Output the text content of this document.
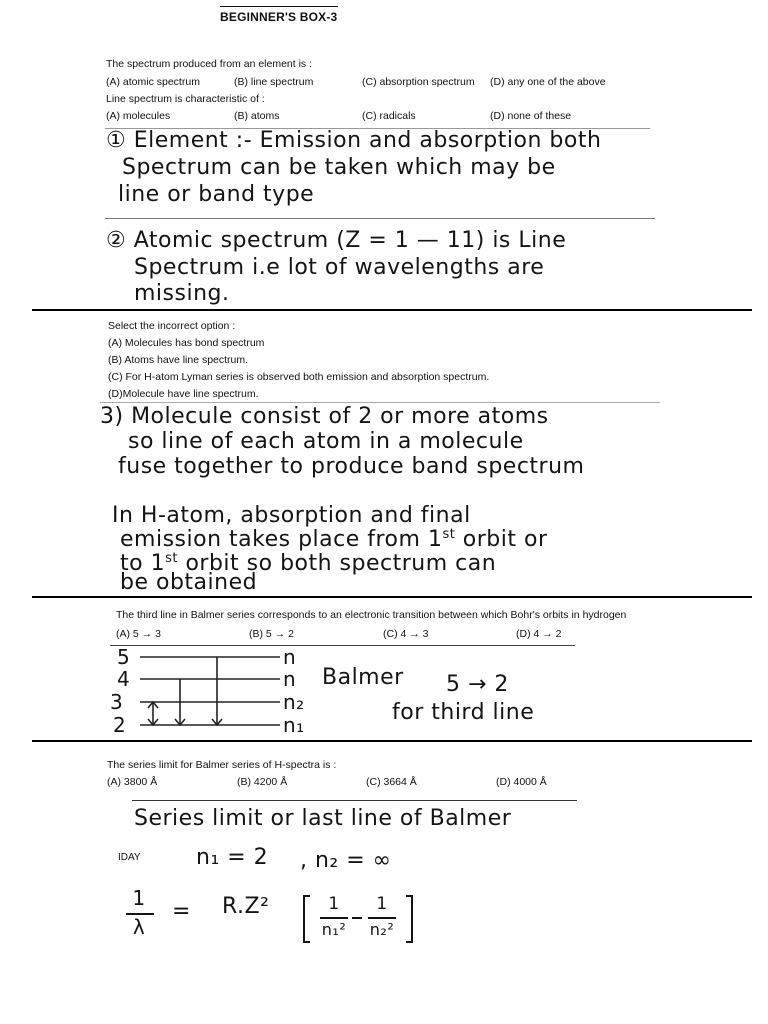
BEGINNER'S BOX-3
The spectrum produced from an element is :
(A) atomic spectrum	(B) line spectrum	(C) absorption spectrum (D) any one of the above
Line spectrum is characteristic of :
(A) molecules	(B) atoms	(C) radicals	(D) none of these
① Element :- Emission and absorption both
Spectrum can be taken which may be
line or band type
② Atomic spectrum (Z = 1 — 11) is Line
Spectrum i.e lot of wavelengths are
missing.
Select the incorrect option :
(A) Molecules has bond spectrum
(B) Atoms have line spectrum.
(C) For H-atom Lyman series is observed both emission and absorption spectrum.
(D)Molecule have line spectrum.
3) Molecule consist of 2 or more atoms
so line of each atom in a molecule
fuse together to produce band spectrum
In H-atom, absorption and final
emission takes place from 1st orbit or
to 1st orbit so both spectrum can
be obtained
The third line in Balmer series corresponds to an electronic transition between which Bohr's orbits in hydrogen
(A) 5 → 3	(B) 5 → 2	(C) 4 → 3	(D) 4 → 2
5
4
3
2
n
n
n₂
n₁
Balmer 5 → 2
for third line
The series limit for Balmer series of H-spectra is :
(A) 3800 Å	(B) 4200 Å	(C) 3664 Å	(D) 4000 Å
Series limit or last line of Balmer
IDAY	n₁ = 2 , n₂ = ∞
1
λ
= R.Z²	1
n₁²
1
n₂²
